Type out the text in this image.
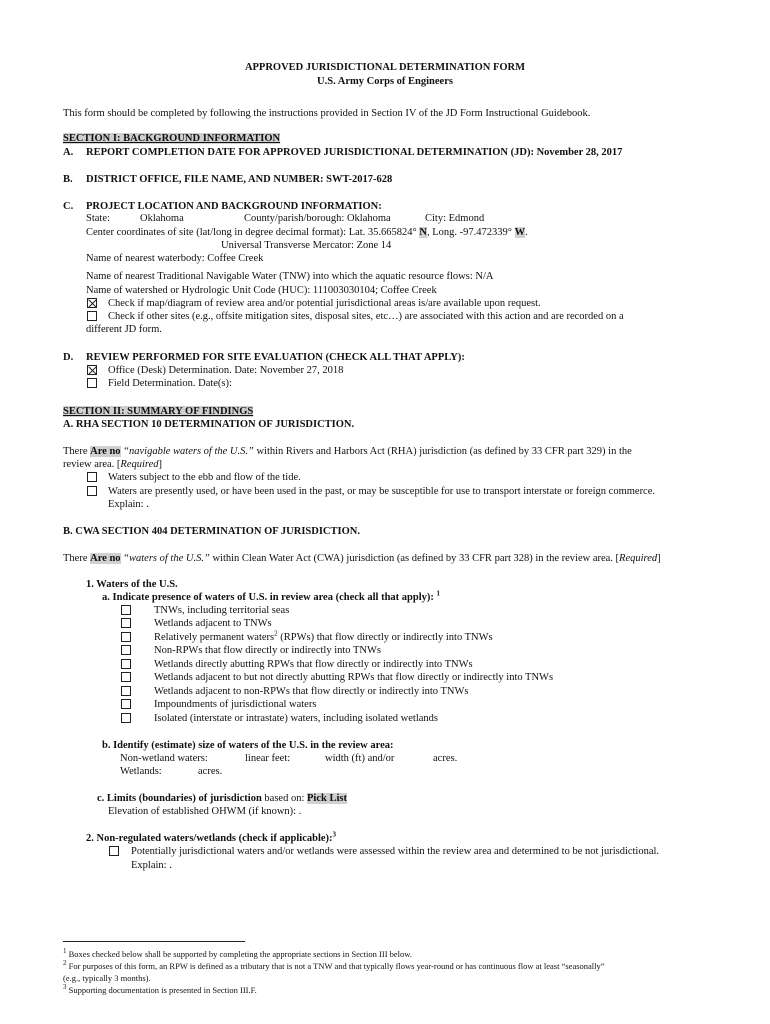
APPROVED JURISDICTIONAL DETERMINATION FORM
U.S. Army Corps of Engineers
This form should be completed by following the instructions provided in Section IV of the JD Form Instructional Guidebook.
SECTION I: BACKGROUND INFORMATION
A. REPORT COMPLETION DATE FOR APPROVED JURISDICTIONAL DETERMINATION (JD): November 28, 2017
B. DISTRICT OFFICE, FILE NAME, AND NUMBER: SWT-2017-628
C. PROJECT LOCATION AND BACKGROUND INFORMATION:
State:	Oklahoma	County/parish/borough: Oklahoma	City: Edmond
Center coordinates of site (lat/long in degree decimal format): Lat. 35.665824° N, Long. -97.472339° W.
Universal Transverse Mercator: Zone 14
Name of nearest waterbody: Coffee Creek
Name of nearest Traditional Navigable Water (TNW) into which the aquatic resource flows: N/A
Name of watershed or Hydrologic Unit Code (HUC): 111003030104; Coffee Creek
Check if map/diagram of review area and/or potential jurisdictional areas is/are available upon request.
Check if other sites (e.g., offsite mitigation sites, disposal sites, etc…) are associated with this action and are recorded on a
different JD form.
D. REVIEW PERFORMED FOR SITE EVALUATION (CHECK ALL THAT APPLY):
Office (Desk) Determination. Date: November 27, 2018
Field Determination. Date(s):
SECTION II: SUMMARY OF FINDINGS
A. RHA SECTION 10 DETERMINATION OF JURISDICTION.
There Are no “navigable waters of the U.S.” within Rivers and Harbors Act (RHA) jurisdiction (as defined by 33 CFR part 329) in the
review area. [Required]
Waters subject to the ebb and flow of the tide.
Waters are presently used, or have been used in the past, or may be susceptible for use to transport interstate or foreign commerce.
Explain: .
B. CWA SECTION 404 DETERMINATION OF JURISDICTION.
There Are no “waters of the U.S.” within Clean Water Act (CWA) jurisdiction (as defined by 33 CFR part 328) in the review area. [Required]
1. Waters of the U.S.
a. Indicate presence of waters of U.S. in review area (check all that apply): $^1$
TNWs, including territorial seas
Wetlands adjacent to TNWs
Relatively permanent waters$^2$ (RPWs) that flow directly or indirectly into TNWs
Non-RPWs that flow directly or indirectly into TNWs
Wetlands directly abutting RPWs that flow directly or indirectly into TNWs
Wetlands adjacent to but not directly abutting RPWs that flow directly or indirectly into TNWs
Wetlands adjacent to non-RPWs that flow directly or indirectly into TNWs
Impoundments of jurisdictional waters
Isolated (interstate or intrastate) waters, including isolated wetlands
b. Identify (estimate) size of waters of the U.S. in the review area:
Non-wetland waters:	linear feet:	width (ft) and/or	acres.
Wetlands:	acres.
c. Limits (boundaries) of jurisdiction based on: Pick List
Elevation of established OHWM (if known): .
2. Non-regulated waters/wetlands (check if applicable):$^3$
Potentially jurisdictional waters and/or wetlands were assessed within the review area and determined to be not jurisdictional.
Explain: .
$^1$ Boxes checked below shall be supported by completing the appropriate sections in Section III below.
$^2$ For purposes of this form, an RPW is defined as a tributary that is not a TNW and that typically flows year-round or has continuous flow at least “seasonally”
(e.g., typically 3 months).
$^3$ Supporting documentation is presented in Section III.F.
